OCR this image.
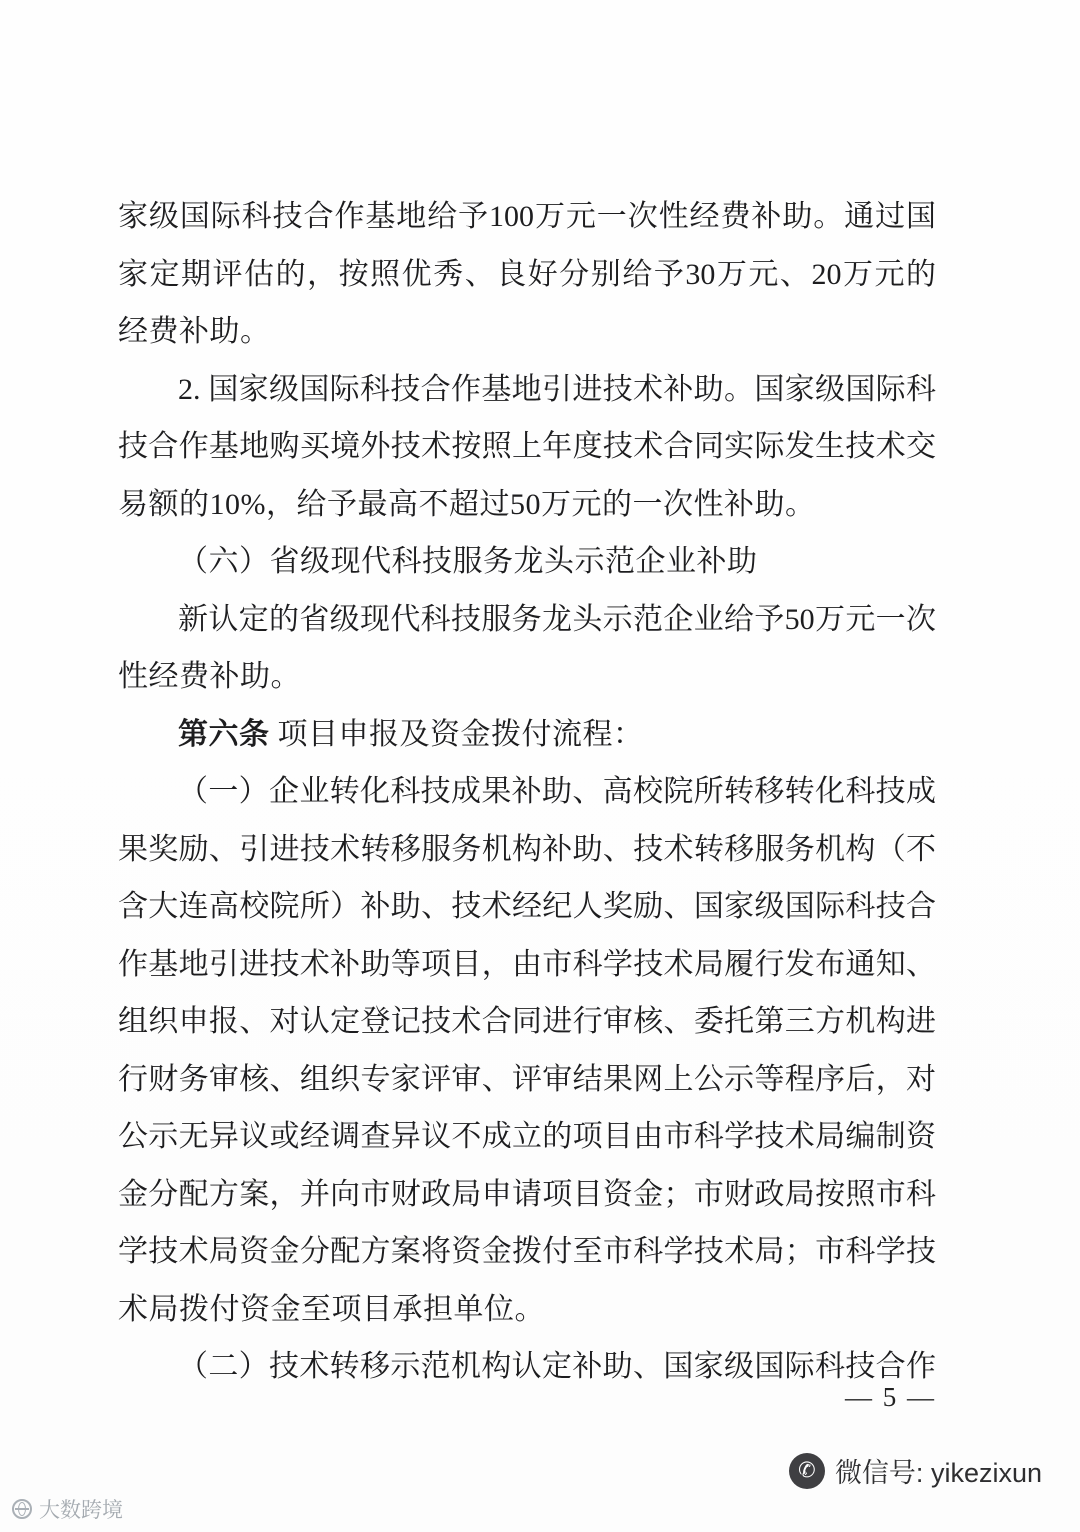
家级国际科技合作基地给予100万元一次性经费补助。通过国
家定期评估的，按照优秀、良好分别给予30万元、20万元的
经费补助。
2. 国家级国际科技合作基地引进技术补助。国家级国际科
技合作基地购买境外技术按照上年度技术合同实际发生技术交
易额的10%，给予最高不超过50万元的一次性补助。
（六）省级现代科技服务龙头示范企业补助
新认定的省级现代科技服务龙头示范企业给予50万元一次
性经费补助。
第六条 项目申报及资金拨付流程：
（一）企业转化科技成果补助、高校院所转移转化科技成
果奖励、引进技术转移服务机构补助、技术转移服务机构（不
含大连高校院所）补助、技术经纪人奖励、国家级国际科技合
作基地引进技术补助等项目，由市科学技术局履行发布通知、
组织申报、对认定登记技术合同进行审核、委托第三方机构进
行财务审核、组织专家评审、评审结果网上公示等程序后，对
公示无异议或经调查异议不成立的项目由市科学技术局编制资
金分配方案，并向市财政局申请项目资金；市财政局按照市科
学技术局资金分配方案将资金拨付至市科学技术局；市科学技
术局拨付资金至项目承担单位。
（二）技术转移示范机构认定补助、国家级国际科技合作
— 5 —
✆ 微信号: yikezixun
大数跨境
